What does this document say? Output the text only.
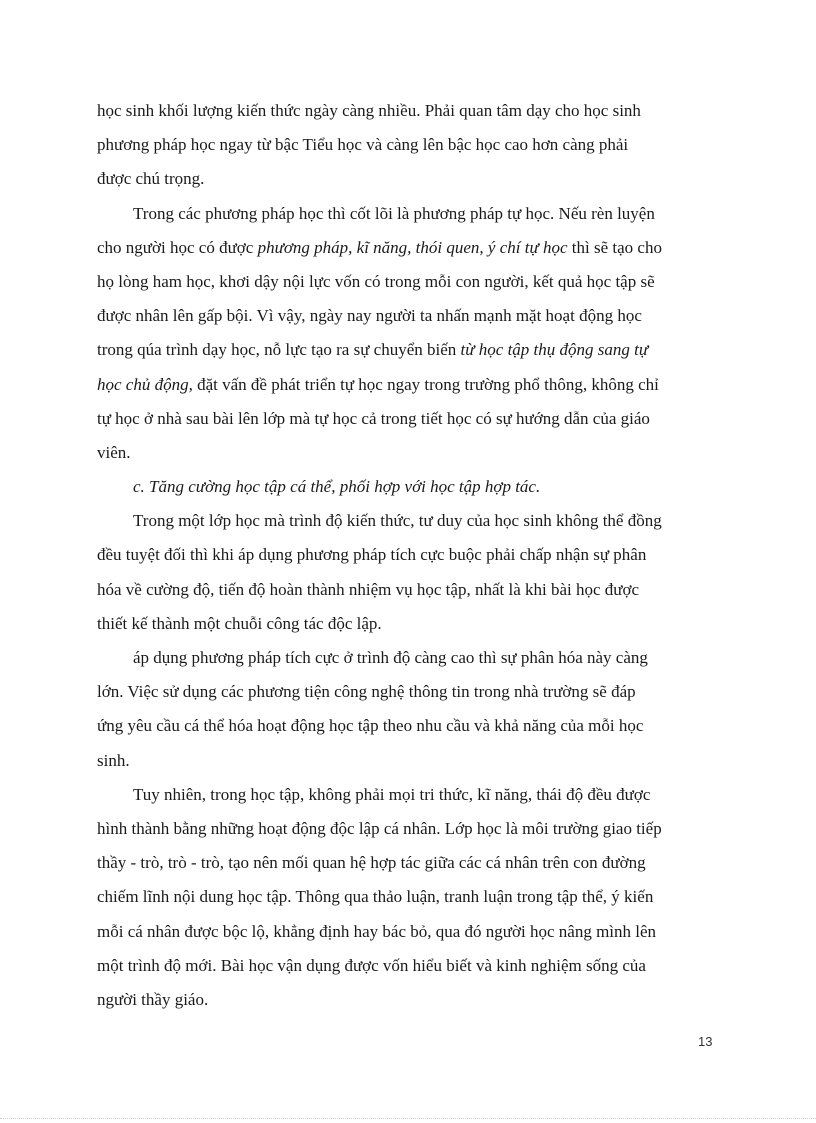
học sinh khối lượng kiến thức ngày càng nhiều. Phải quan tâm dạy cho học sinh
phương pháp học ngay từ bậc Tiểu học và càng lên bậc học cao hơn càng phải
được chú trọng.
Trong các phương pháp học thì cốt lõi là phương pháp tự học. Nếu rèn luyện
cho người học có được phương pháp, kĩ năng, thói quen, ý chí tự học thì sẽ tạo cho
họ lòng ham học, khơi dậy nội lực vốn có trong mỗi con người, kết quả học tập sẽ
được nhân lên gấp bội. Vì vậy, ngày nay người ta nhấn mạnh mặt hoạt động học
trong qúa trình dạy học, nỗ lực tạo ra sự chuyển biến từ học tập thụ động sang tự
học chủ động, đặt vấn đề phát triển tự học ngay trong trường phổ thông, không chỉ
tự học ở nhà sau bài lên lớp mà tự học cả trong tiết học có sự hướng dẫn của giáo
viên.
c. Tăng cường học tập cá thể, phối hợp với học tập hợp tác.
Trong một lớp học mà trình độ kiến thức, tư duy của học sinh không thể đồng
đều tuyệt đối thì khi áp dụng phương pháp tích cực buộc phải chấp nhận sự phân
hóa về cường độ, tiến độ hoàn thành nhiệm vụ học tập, nhất là khi bài học được
thiết kế thành một chuỗi công tác độc lập.
áp dụng phương pháp tích cực ở trình độ càng cao thì sự phân hóa này càng
lớn. Việc sử dụng các phương tiện công nghệ thông tin trong nhà trường sẽ đáp
ứng yêu cầu cá thể hóa hoạt động học tập theo nhu cầu và khả năng của mỗi học
sinh.
Tuy nhiên, trong học tập, không phải mọi tri thức, kĩ năng, thái độ đều được
hình thành bằng những hoạt động độc lập cá nhân. Lớp học là môi trường giao tiếp
thầy - trò, trò - trò, tạo nên mối quan hệ hợp tác giữa các cá nhân trên con đường
chiếm lĩnh nội dung học tập. Thông qua thảo luận, tranh luận trong tập thể, ý kiến
mỗi cá nhân được bộc lộ, khẳng định hay bác bỏ, qua đó người học nâng mình lên
một trình độ mới. Bài học vận dụng được vốn hiểu biết và kinh nghiệm sống của
người thầy giáo.
13
